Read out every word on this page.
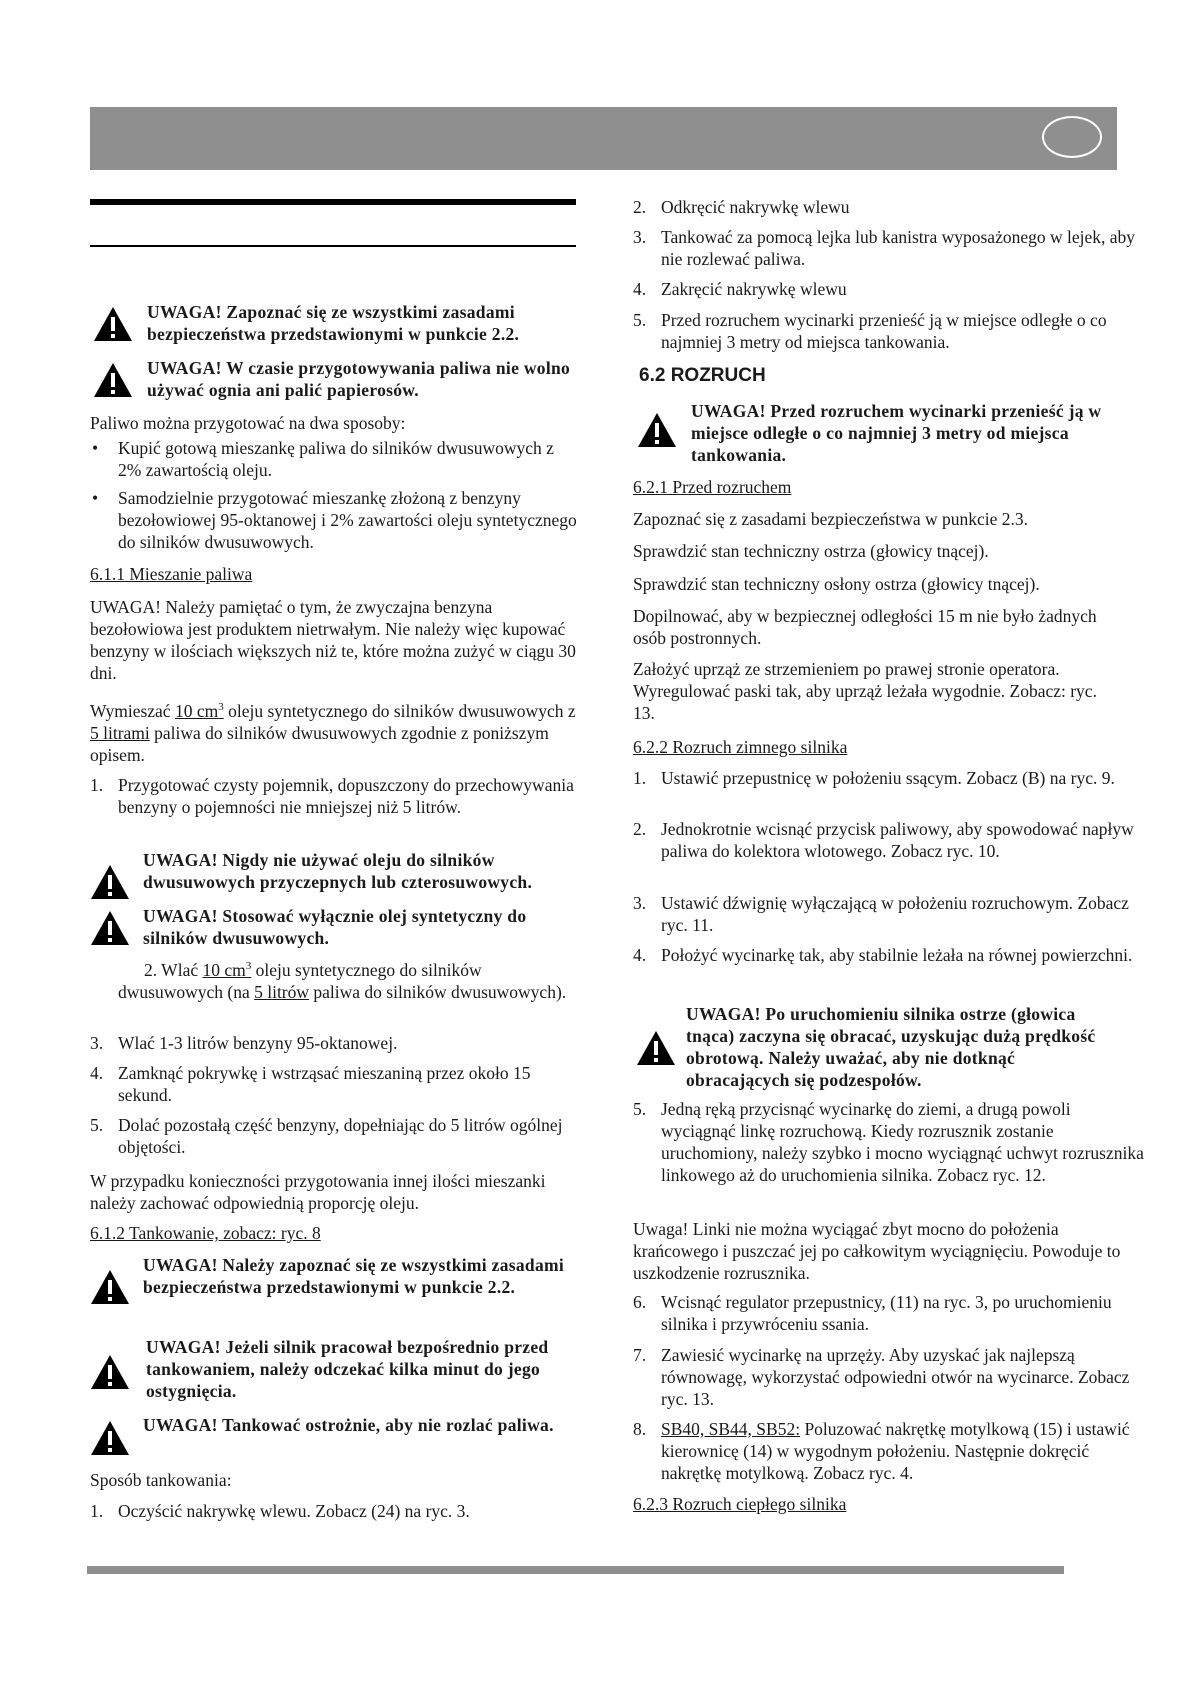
UWAGA! Zapoznać się ze wszystkimi zasadami bezpieczeństwa przedstawionymi w punkcie 2.2.
UWAGA! W czasie przygotowywania paliwa nie wolno używać ognia ani palić papierosów.

Paliwo można przygotować na dwa sposoby:

• Kupić gotową mieszankę paliwa do silników dwusuwowych z 2% zawartością oleju.
• Samodzielnie przygotować mieszankę złożoną z benzyny bezołowiowej 95-oktanowej i 2% zawartości oleju syntetycznego do silników dwusuwowych.

6.1.1 Mieszanie paliwa

UWAGA! Należy pamiętać o tym, że zwyczajna benzyna bezołowiowa jest produktem nietrwałym. Nie należy więc kupować benzyny w ilościach większych niż te, które można zużyć w ciągu 30 dni.

Wymieszać 10 $cm^3$ oleju syntetycznego do silników dwusuwowych z 5 litrami paliwa do silników dwusuwowych zgodnie z poniższym opisem.

1. Przygotować czysty pojemnik, dopuszczony do przechowywania benzyny o pojemności nie mniejszej niż 5 litrów.
UWAGA! Nigdy nie używać oleju do silników dwusuwowych przyczepnych lub czterosuwowych.
UWAGA! Stosować wyłącznie olej syntetyczny do silników dwusuwowych.

2. Wlać 10 $cm^3$ oleju syntetycznego do silników dwusuwowych (na 5 litrów paliwa do silników dwusuwowych).

3. Wlać 1-3 litrów benzyny 95-oktanowej.
4. Zamknąć pokrywkę i wstrząsać mieszaniną przez około 15 sekund.
5. Dolać pozostałą część benzyny, dopełniając do 5 litrów ogólnej objętości.

W przypadku konieczności przygotowania innej ilości mieszanki należy zachować odpowiednią proporcję oleju.

6.1.2 Tankowanie, zobacz: ryc. 8

UWAGA! Należy zapoznać się ze wszystkimi zasadami bezpieczeństwa przedstawionymi w punkcie 2.2.
UWAGA! Jeżeli silnik pracował bezpośrednio przed tankowaniem, należy odczekać kilka minut do jego ostygnięcia.
UWAGA! Tankować ostrożnie, aby nie rozlać paliwa.

Sposób tankowania:

1. Oczyścić nakrywkę wlewu. Zobacz (24) na ryc. 3.
2. Odkręcić nakrywkę wlewu
3. Tankować za pomocą lejka lub kanistra wyposażonego w lejek, aby nie rozlewać paliwa.
4. Zakręcić nakrywkę wlewu
5. Przed rozruchem wycinarki przenieść ją w miejsce odległe o co najmniej 3 metry od miejsca tankowania.
6.2 ROZRUCH
UWAGA! Przed rozruchem wycinarki przenieść ją w miejsce odległe o co najmniej 3 metry od miejsca tankowania.

6.2.1 Przed rozruchem

Zapoznać się z zasadami bezpieczeństwa w punkcie 2.3.

Sprawdzić stan techniczny ostrza (głowicy tnącej).

Sprawdzić stan techniczny osłony ostrza (głowicy tnącej).

Dopilnować, aby w bezpiecznej odległości 15 m nie było żadnych osób postronnych.

Założyć uprząż ze strzemieniem po prawej stronie operatora. Wyregulować paski tak, aby uprząż leżała wygodnie. Zobacz: ryc. 13.

6.2.2 Rozruch zimnego silnika

1. Ustawić przepustnicę w położeniu ssącym. Zobacz (B) na ryc. 9.
2. Jednokrotnie wcisnąć przycisk paliwowy, aby spowodować napływ paliwa do kolektora wlotowego. Zobacz ryc. 10.
3. Ustawić dźwignię wyłączającą w położeniu rozruchowym. Zobacz ryc. 11.
4. Położyć wycinarkę tak, aby stabilnie leżała na równej powierzchni.
UWAGA! Po uruchomieniu silnika ostrze (głowica tnąca) zaczyna się obracać, uzyskując dużą prędkość obrotową. Należy uważać, aby nie dotknąć obracających się podzespołów.
5. Jedną ręką przycisnąć wycinarkę do ziemi, a drugą powoli wyciągnąć linkę rozruchową. Kiedy rozrusznik zostanie uruchomiony, należy szybko i mocno wyciągnąć uchwyt rozrusznika linkowego aż do uruchomienia silnika. Zobacz ryc. 12.

Uwaga! Linki nie można wyciągać zbyt mocno do położenia krańcowego i puszczać jej po całkowitym wyciągnięciu. Powoduje to uszkodzenie rozrusznika.

6. Wcisnąć regulator przepustnicy, (11) na ryc. 3, po uruchomieniu silnika i przywróceniu ssania.
7. Zawiesić wycinarkę na uprzęży. Aby uzyskać jak najlepszą równowagę, wykorzystać odpowiedni otwór na wycinarce. Zobacz ryc. 13.
8. SB40, SB44, SB52: Poluzować nakrętkę motylkową (15) i ustawić kierownicę (14) w wygodnym położeniu. Następnie dokręcić nakrętkę motylkową. Zobacz ryc. 4.

6.2.3 Rozruch ciepłego silnika
